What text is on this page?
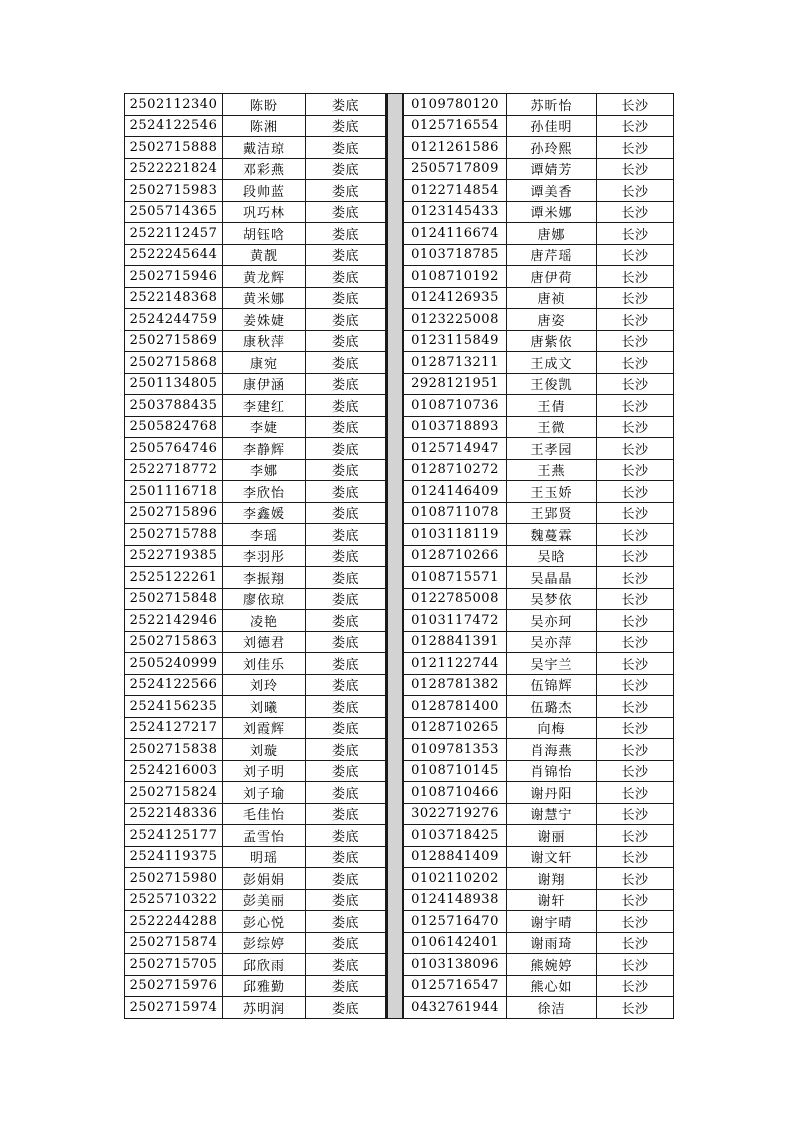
2502112340	陈盼	娄底
2524122546	陈湘	娄底
2502715888	戴洁琼	娄底
2522221824	邓彩燕	娄底
2502715983	段帅蓝	娄底
2505714365	巩巧林	娄底
2522112457	胡钰唅	娄底
2522245644	黄靓	娄底
2502715946	黄龙辉	娄底
2522148368	黄米娜	娄底
2524244759	姜姝婕	娄底
2502715869	康秋萍	娄底
2502715868	康宛	娄底
2501134805	康伊涵	娄底
2503788435	李建红	娄底
2505824768	李婕	娄底
2505764746	李静辉	娄底
2522718772	李娜	娄底
2501116718	李欣怡	娄底
2502715896	李鑫媛	娄底
2502715788	李瑶	娄底
2522719385	李羽彤	娄底
2525122261	李振翔	娄底
2502715848	廖依琼	娄底
2522142946	凌艳	娄底
2502715863	刘德君	娄底
2505240999	刘佳乐	娄底
2524122566	刘玲	娄底
2524156235	刘曦	娄底
2524127217	刘霞辉	娄底
2502715838	刘璇	娄底
2524216003	刘子明	娄底
2502715824	刘子瑜	娄底
2522148336	毛佳怡	娄底
2524125177	孟雪怡	娄底
2524119375	明瑶	娄底
2502715980	彭娟娟	娄底
2525710322	彭美丽	娄底
2522244288	彭心悦	娄底
2502715874	彭综婷	娄底
2502715705	邱欣雨	娄底
2502715976	邱雅勤	娄底
2502715974	苏明润	娄底
0109780120	苏昕怡	长沙
0125716554	孙佳明	长沙
0121261586	孙玲熙	长沙
2505717809	谭婧芳	长沙
0122714854	谭美香	长沙
0123145433	谭米娜	长沙
0124116674	唐娜	长沙
0103718785	唐芹瑶	长沙
0108710192	唐伊荷	长沙
0124126935	唐祯	长沙
0123225008	唐姿	长沙
0123115849	唐紫依	长沙
0128713211	王成文	长沙
2928121951	王俊凯	长沙
0108710736	王倩	长沙
0103718893	王微	长沙
0125714947	王孝园	长沙
0128710272	王燕	长沙
0124146409	王玉娇	长沙
0108711078	王郢贤	长沙
0103118119	魏蔓霖	长沙
0128710266	吴晗	长沙
0108715571	吴晶晶	长沙
0122785008	吴梦依	长沙
0103117472	吴亦珂	长沙
0128841391	吴亦萍	长沙
0121122744	吴宇兰	长沙
0128781382	伍锦辉	长沙
0128781400	伍璐杰	长沙
0128710265	向梅	长沙
0109781353	肖海燕	长沙
0108710145	肖锦怡	长沙
0108710466	谢丹阳	长沙
3022719276	谢慧宁	长沙
0103718425	谢丽	长沙
0128841409	谢文轩	长沙
0102110202	谢翔	长沙
0124148938	谢轩	长沙
0125716470	谢宇晴	长沙
0106142401	谢雨琦	长沙
0103138096	熊婉婷	长沙
0125716547	熊心如	长沙
0432761944	徐洁	长沙
